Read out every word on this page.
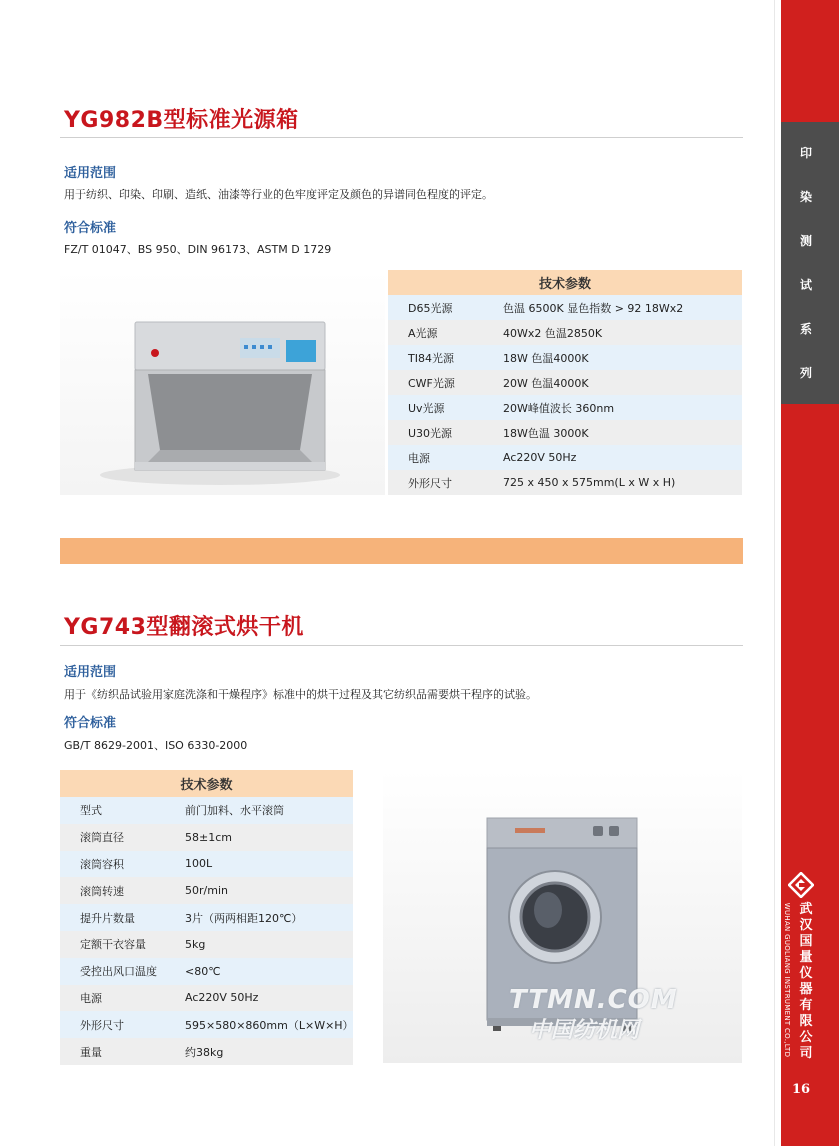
印
染
测
试
系
列
武
汉
国
量
仪
器
有
限
公
司
WUHAN GUOLIANG INSTRUMENT CO.,LTD
16
YG982B型标准光源箱
适用范围
用于纺织、印染、印刷、造纸、油漆等行业的色牢度评定及颜色的异谱同色程度的评定。
符合标准
FZ/T 01047、BS 950、DIN 96173、ASTM D 1729
技术参数	
D65光源	色温 6500K 显色指数 > 92 18Wx2
A光源	40Wx2 色温2850K
TI84光源	18W 色温4000K
CWF光源	20W 色温4000K
Uv光源	20W峰值波长 360nm
U30光源	18W色温 3000K
电源	Ac220V 50Hz
外形尺寸	725 x 450 x 575mm(L x W x H)
YG743型翻滚式烘干机
适用范围
用于《纺织品试验用家庭洗涤和干燥程序》标准中的烘干过程及其它纺织品需要烘干程序的试验。
符合标准
GB/T 8629-2001、ISO 6330-2000
技术参数	
型式	前门加料、水平滚筒
滚筒直径	58±1cm
滚筒容积	100L
滚筒转速	50r/min
提升片数量	3片（两两相距120℃）
定额干衣容量	5kg
受控出风口温度	<80℃
电源	Ac220V 50Hz
外形尺寸	595×580×860mm（L×W×H）
重量	约38kg
TTMN.COM
中国纺机网
